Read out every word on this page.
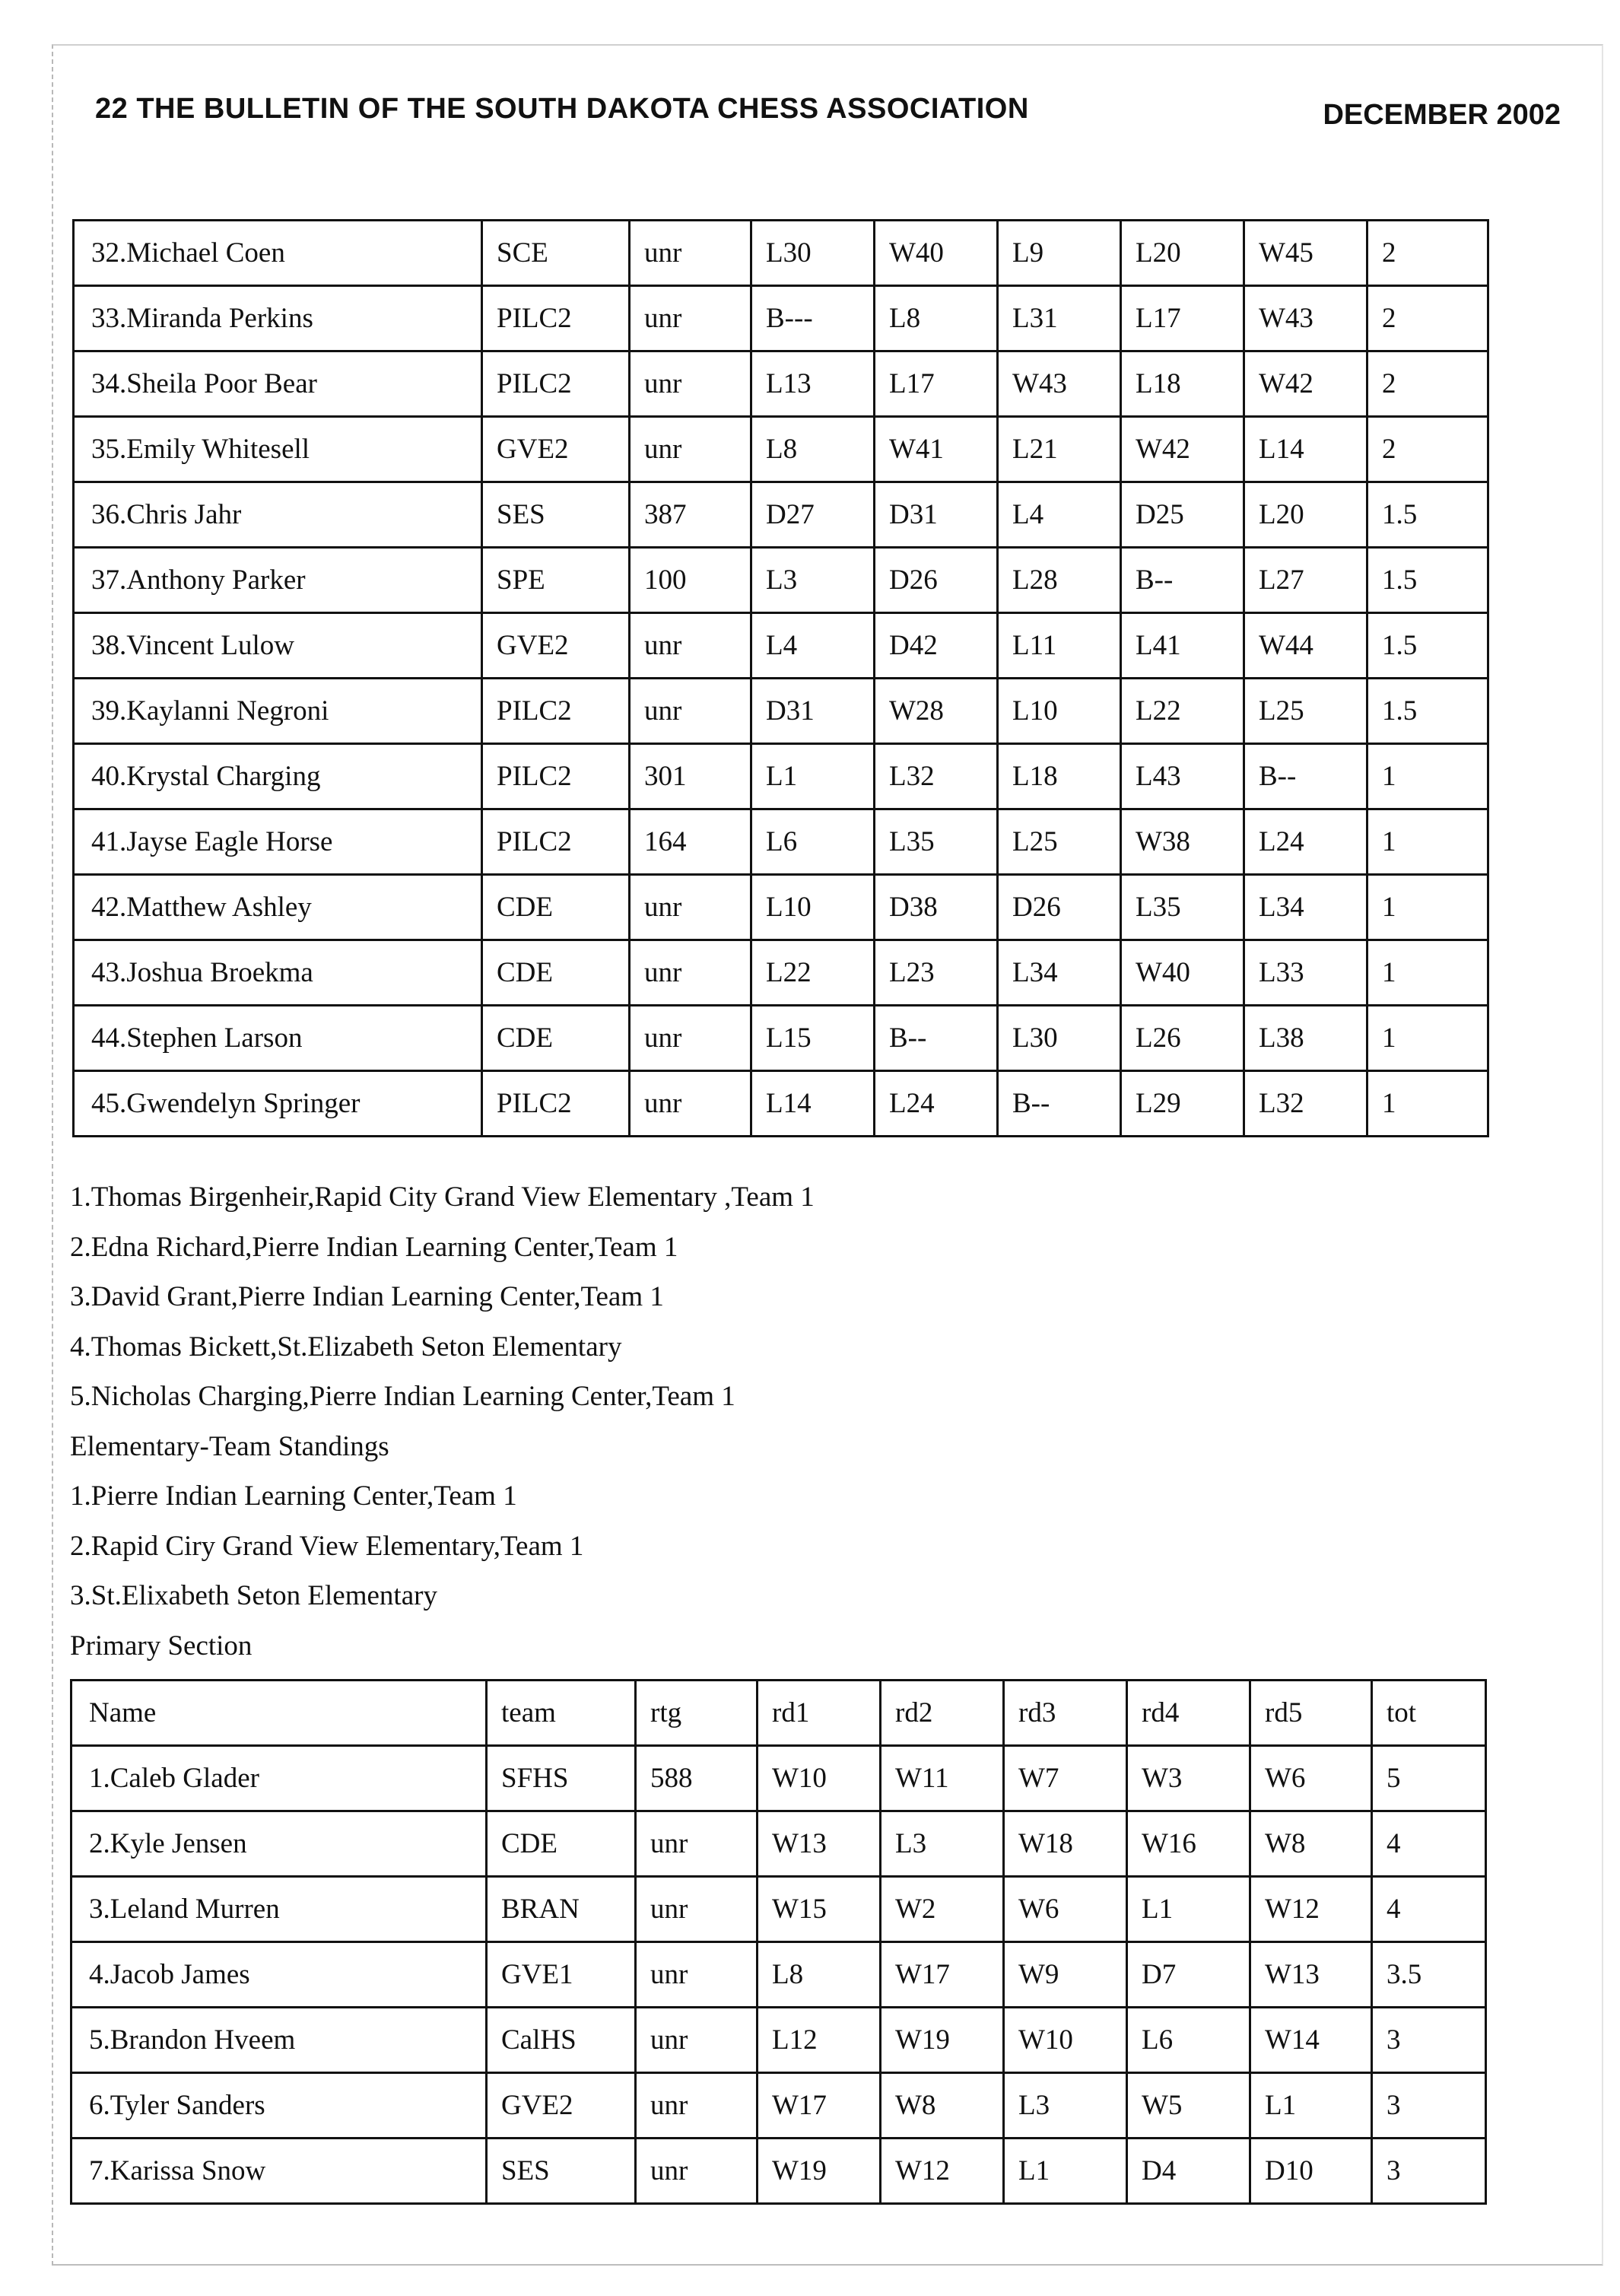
22 THE BULLETIN OF THE SOUTH DAKOTA CHESS ASSOCIATION	DECEMBER 2002
32.Michael Coen	SCE	unr	L30	W40	L9	L20	W45	2
33.Miranda Perkins	PILC2	unr	B---	L8	L31	L17	W43	2
34.Sheila Poor Bear	PILC2	unr	L13	L17	W43	L18	W42	2
35.Emily Whitesell	GVE2	unr	L8	W41	L21	W42	L14	2
36.Chris Jahr	SES	387	D27	D31	L4	D25	L20	1.5
37.Anthony Parker	SPE	100	L3	D26	L28	B--	L27	1.5
38.Vincent Lulow	GVE2	unr	L4	D42	L11	L41	W44	1.5
39.Kaylanni Negroni	PILC2	unr	D31	W28	L10	L22	L25	1.5
40.Krystal Charging	PILC2	301	L1	L32	L18	L43	B--	1
41.Jayse Eagle Horse	PILC2	164	L6	L35	L25	W38	L24	1
42.Matthew Ashley	CDE	unr	L10	D38	D26	L35	L34	1
43.Joshua Broekma	CDE	unr	L22	L23	L34	W40	L33	1
44.Stephen Larson	CDE	unr	L15	B--	L30	L26	L38	1
45.Gwendelyn Springer	PILC2	unr	L14	L24	B--	L29	L32	1
1.Thomas Birgenheir,Rapid City Grand View Elementary ,Team 1
2.Edna Richard,Pierre Indian Learning Center,Team 1
3.David Grant,Pierre Indian Learning Center,Team 1
4.Thomas Bickett,St.Elizabeth Seton Elementary
5.Nicholas Charging,Pierre Indian Learning Center,Team 1
Elementary-Team Standings
1.Pierre Indian Learning Center,Team 1
2.Rapid Ciry Grand View Elementary,Team 1
3.St.Elixabeth Seton Elementary
Primary Section
Name	team	rtg	rd1	rd2	rd3	rd4	rd5	tot
1.Caleb Glader	SFHS	588	W10	W11	W7	W3	W6	5
2.Kyle Jensen	CDE	unr	W13	L3	W18	W16	W8	4
3.Leland Murren	BRAN	unr	W15	W2	W6	L1	W12	4
4.Jacob James	GVE1	unr	L8	W17	W9	D7	W13	3.5
5.Brandon Hveem	CalHS	unr	L12	W19	W10	L6	W14	3
6.Tyler Sanders	GVE2	unr	W17	W8	L3	W5	L1	3
7.Karissa Snow	SES	unr	W19	W12	L1	D4	D10	3
